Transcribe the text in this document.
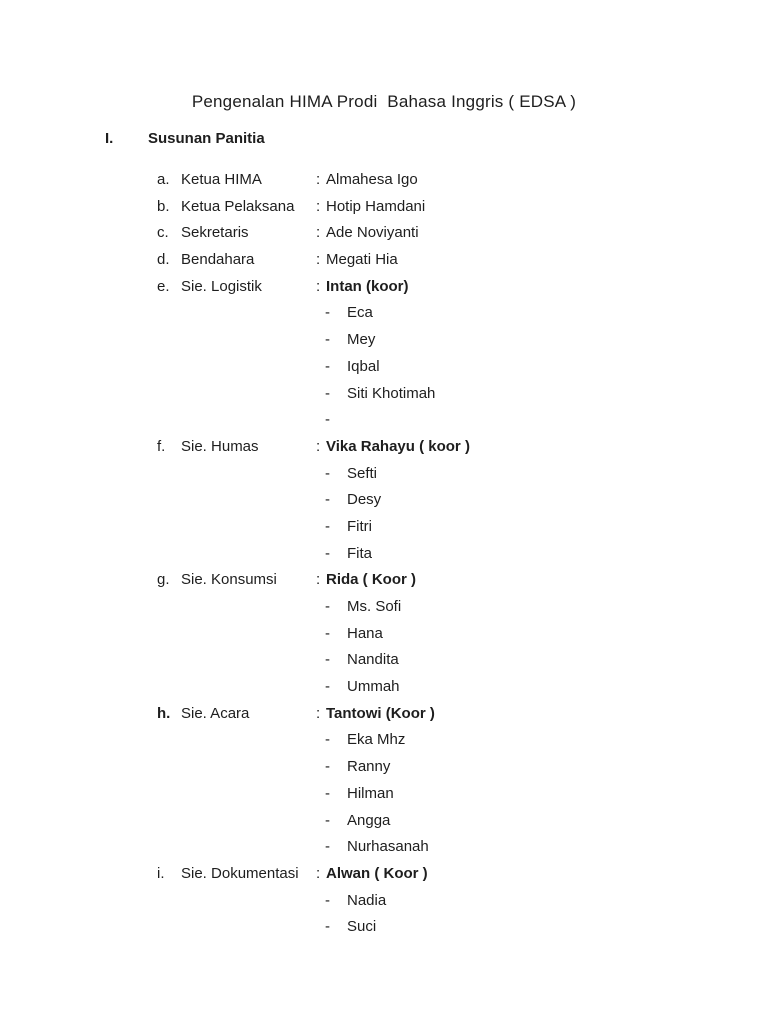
Pengenalan HIMA Prodi  Bahasa Inggris ( EDSA )
I. Susunan Panitia
a. Ketua HIMA	: Almahesa Igo
b. Ketua Pelaksana : Hotip Hamdani
c. Sekretaris	: Ade Noviyanti
d. Bendahara	: Megati Hia
e. Sie. Logistik	: Intan (koor)
- Eca
- Mey
- Iqbal
- Siti Khotimah
-
f. Sie. Humas	: Vika Rahayu ( koor )
- Sefti
- Desy
- Fitri
- Fita
g. Sie. Konsumsi	: Rida ( Koor )
- Ms. Sofi
- Hana
- Nandita
- Ummah
h. Sie. Acara	: Tantowi (Koor )
- Eka Mhz
- Ranny
- Hilman
- Angga
- Nurhasanah
i. Sie. Dokumentasi : Alwan ( Koor )
- Nadia
- Suci
